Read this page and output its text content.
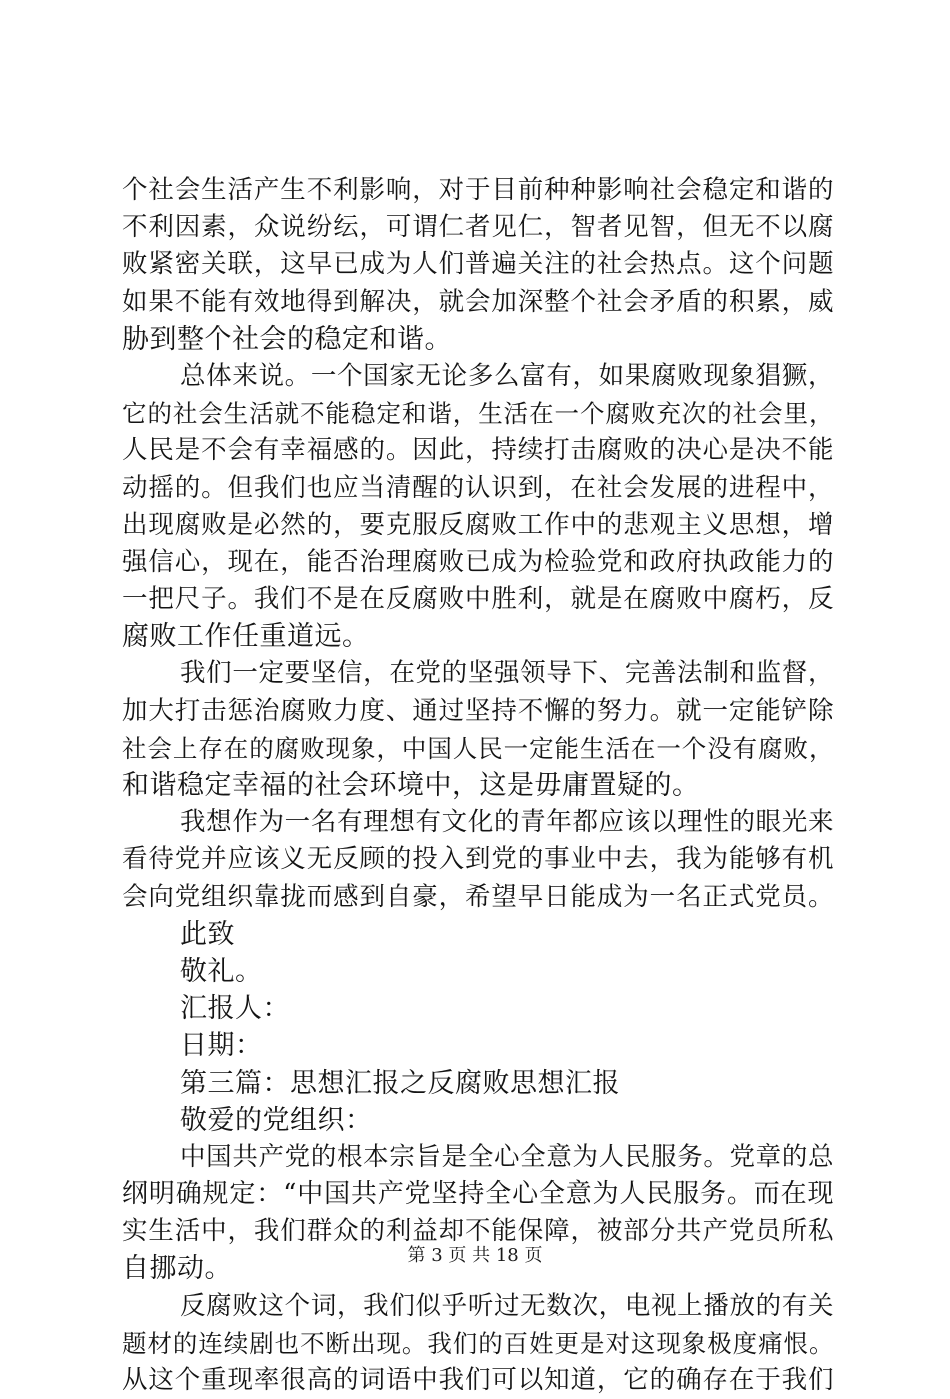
个社会生活产生不利影响，对于目前种种影响社会稳定和谐的
不利因素，众说纷纭，可谓仁者见仁，智者见智，但无不以腐
败紧密关联，这早已成为人们普遍关注的社会热点。这个问题
如果不能有效地得到解决，就会加深整个社会矛盾的积累，威
胁到整个社会的稳定和谐。
总体来说。一个国家无论多么富有，如果腐败现象猖獗，
它的社会生活就不能稳定和谐，生活在一个腐败充次的社会里，
人民是不会有幸福感的。因此，持续打击腐败的决心是决不能
动摇的。但我们也应当清醒的认识到，在社会发展的进程中，
出现腐败是必然的，要克服反腐败工作中的悲观主义思想，增
强信心，现在，能否治理腐败已成为检验党和政府执政能力的
一把尺子。我们不是在反腐败中胜利，就是在腐败中腐朽，反
腐败工作任重道远。
我们一定要坚信，在党的坚强领导下、完善法制和监督，
加大打击惩治腐败力度、通过坚持不懈的努力。就一定能铲除
社会上存在的腐败现象，中国人民一定能生活在一个没有腐败，
和谐稳定幸福的社会环境中，这是毋庸置疑的。
我想作为一名有理想有文化的青年都应该以理性的眼光来
看待党并应该义无反顾的投入到党的事业中去，我为能够有机
会向党组织靠拢而感到自豪，希望早日能成为一名正式党员。
此致
敬礼。
汇报人：
日期：
第三篇：思想汇报之反腐败思想汇报
敬爱的党组织：
中国共产党的根本宗旨是全心全意为人民服务。党章的总
纲明确规定：“中国共产党坚持全心全意为人民服务。而在现
实生活中，我们群众的利益却不能保障，被部分共产党员所私
自挪动。
反腐败这个词，我们似乎听过无数次，电视上播放的有关
题材的连续剧也不断出现。我们的百姓更是对这现象极度痛恨。
从这个重现率很高的词语中我们可以知道，它的确存在于我们
第 3 页 共 18 页
